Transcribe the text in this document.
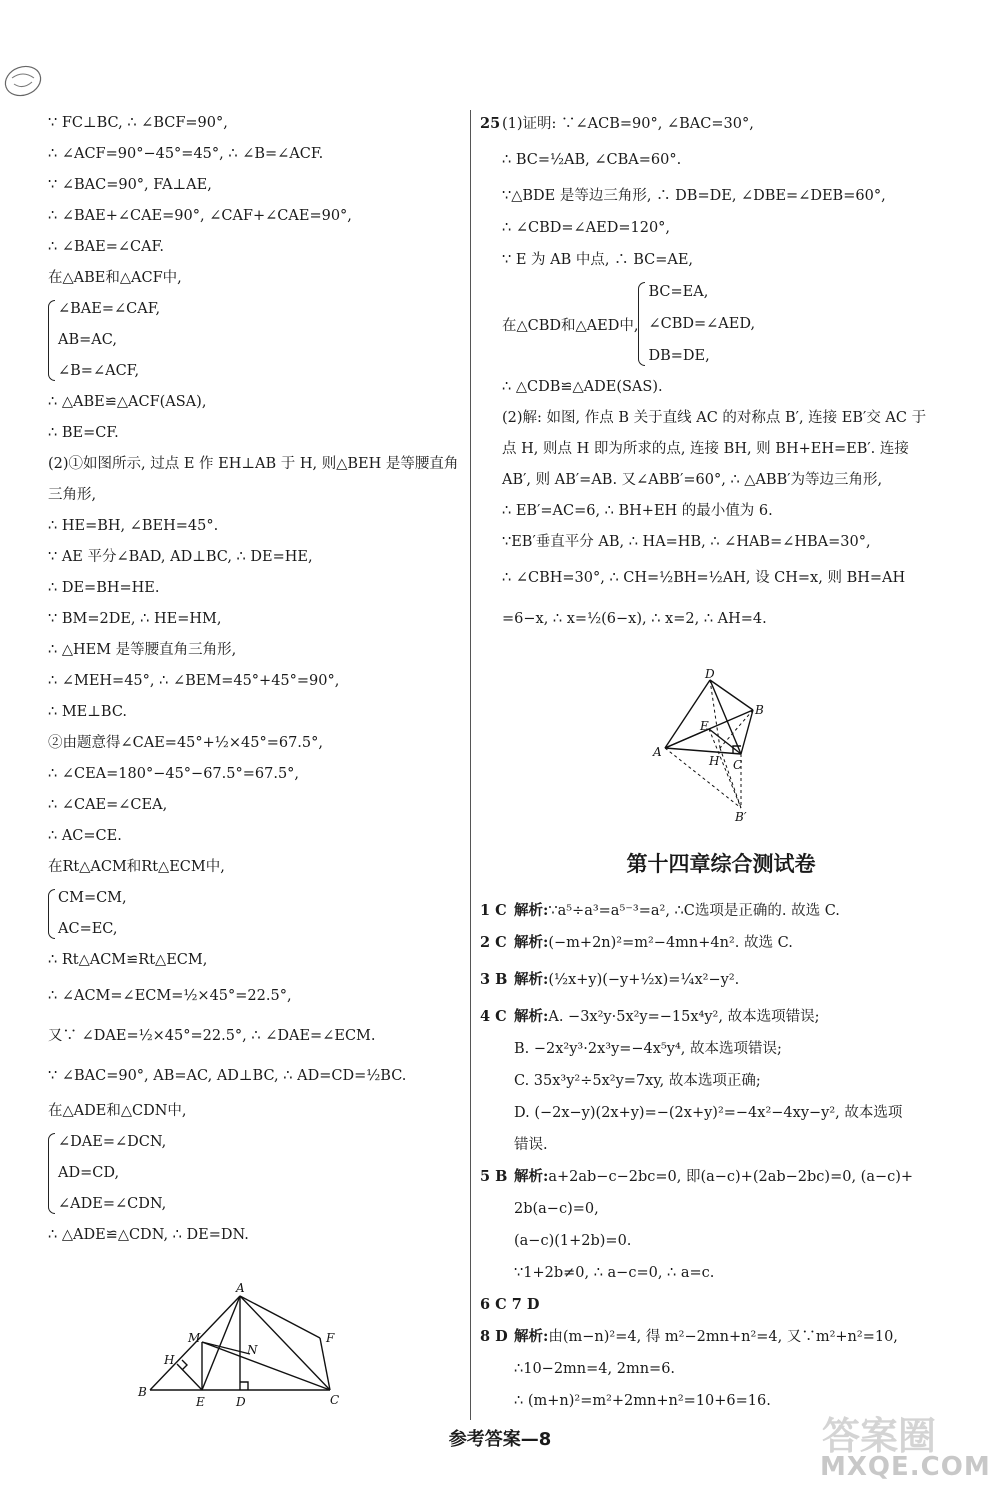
∵ FC⊥BC, ∴ ∠BCF=90°,

∴ ∠ACF=90°−45°=45°, ∴ ∠B=∠ACF.

∵ ∠BAC=90°, FA⊥AE,

∴ ∠BAE+∠CAE=90°, ∠CAF+∠CAE=90°,

∴ ∠BAE=∠CAF.

在△ABE和△ACF中,

∠BAE=∠CAF,

AB=AC,

∠B=∠ACF,

∴ △ABE≌△ACF(ASA),

∴ BE=CF.

(2)①如图所示, 过点 E 作 EH⊥AB 于 H, 则△BEH 是等腰直角

三角形,

∴ HE=BH, ∠BEH=45°.

∵ AE 平分∠BAD, AD⊥BC, ∴ DE=HE,

∴ DE=BH=HE.

∵ BM=2DE, ∴ HE=HM,

∴ △HEM 是等腰直角三角形,

∴ ∠MEH=45°, ∴ ∠BEM=45°+45°=90°,

∴ ME⊥BC.

②由题意得∠CAE=45°+½×45°=67.5°,

∴ ∠CEA=180°−45°−67.5°=67.5°,

∴ ∠CAE=∠CEA,

∴ AC=CE.

在Rt△ACM和Rt△ECM中,

CM=CM,

AC=EC,

∴ Rt△ACM≌Rt△ECM,

∴ ∠ACM=∠ECM=½×45°=22.5°,

又∵ ∠DAE=½×45°=22.5°, ∴ ∠DAE=∠ECM.

∵ ∠BAC=90°, AB=AC, AD⊥BC, ∴ AD=CD=½BC.

在△ADE和△CDN中,

∠DAE=∠DCN,

AD=CD,

∠ADE=∠CDN,

∴ △ADE≌△CDN, ∴ DE=DN.

A
M
H
N
F
B
E	D	C

25 (1)证明: ∵∠ACB=90°, ∠BAC=30°,

∴ BC=½AB, ∠CBA=60°.

∵△BDE 是等边三角形, ∴ DB=DE, ∠DBE=∠DEB=60°,

∴ ∠CBD=∠AED=120°,

∵ E 为 AB 中点, ∴ BC=AE,

在△CBD和△AED中,

BC=EA,

∠CBD=∠AED,

DB=DE,

∴ △CDB≌△ADE(SAS).

(2)解: 如图, 作点 B 关于直线 AC 的对称点 B′, 连接 EB′交 AC 于

点 H, 则点 H 即为所求的点, 连接 BH, 则 BH+EH=EB′. 连接

AB′, 则 AB′=AB. 又∠ABB′=60°, ∴ △ABB′为等边三角形,

∴ EB′=AC=6, ∴ BH+EH 的最小值为 6.

∵EB′垂直平分 AB, ∴ HA=HB, ∴ ∠HAB=∠HBA=30°,

∴ ∠CBH=30°, ∴ CH=½BH=½AH, 设 CH=x, 则 BH=AH

=6−x, ∴ x=½(6−x), ∴ x=2, ∴ AH=4.

D
B
E
A
H C
B′
第十四章综合测试卷

1 C 解析:∵a⁵÷a³=a⁵⁻³=a², ∴C选项是正确的. 故选 C.

2 C 解析:(−m+2n)²=m²−4mn+4n². 故选 C.

3 B 解析:(½x+y)(−y+½x)=¼x²−y².

4 C 解析:A. −3x²y·5x²y=−15x⁴y², 故本选项错误;

B. −2x²y³·2x³y=−4x⁵y⁴, 故本选项错误;

C. 35x³y²÷5x²y=7xy, 故本选项正确;

D. (−2x−y)(2x+y)=−(2x+y)²=−4x²−4xy−y², 故本选项

错误.

5 B 解析:a+2ab−c−2bc=0, 即(a−c)+(2ab−2bc)=0, (a−c)+

2b(a−c)=0,

(a−c)(1+2b)=0.

∵1+2b≠0, ∴ a−c=0, ∴ a=c.

6 C 7 D

8 D 解析:由(m−n)²=4, 得 m²−2mn+n²=4, 又∵m²+n²=10,

∴10−2mn=4, 2mn=6.

∴ (m+n)²=m²+2mn+n²=10+6=16.

参考答案—8	答案圈
MXQE.COM
